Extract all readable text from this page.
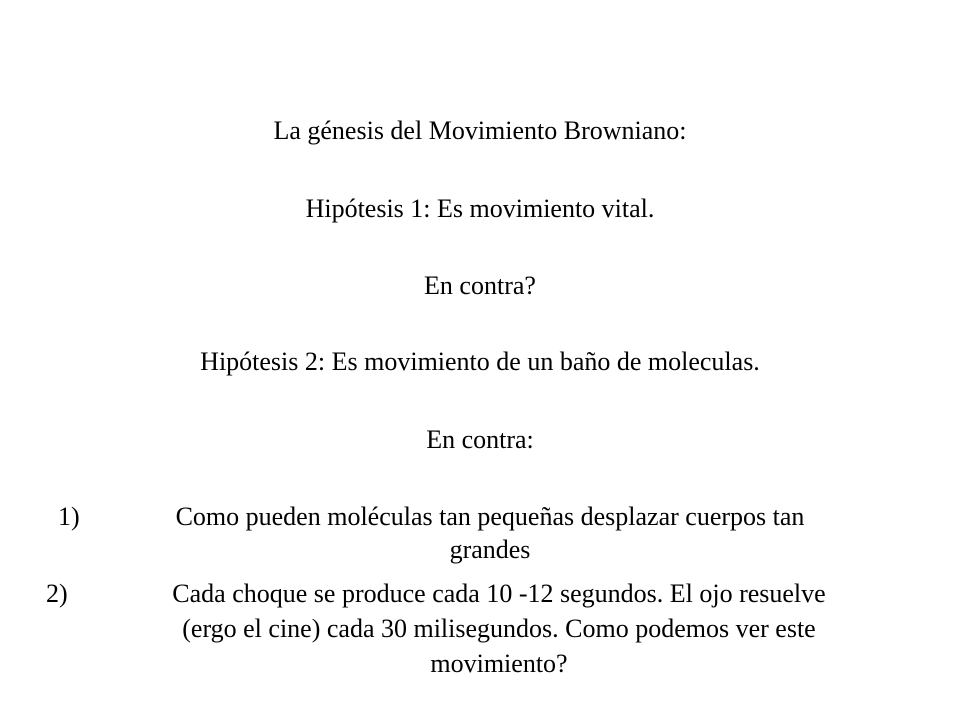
La génesis del Movimiento Browniano:
Hipótesis 1: Es movimiento vital.
En contra?
Hipótesis 2: Es movimiento de un baño de moleculas.
En contra:
1)	Como pueden moléculas tan pequeñas desplazar cuerpos tan
grandes
2)	Cada choque se produce cada 10 -12 segundos. El ojo resuelve
(ergo el cine) cada 30 milisegundos. Como podemos ver este
movimiento?
